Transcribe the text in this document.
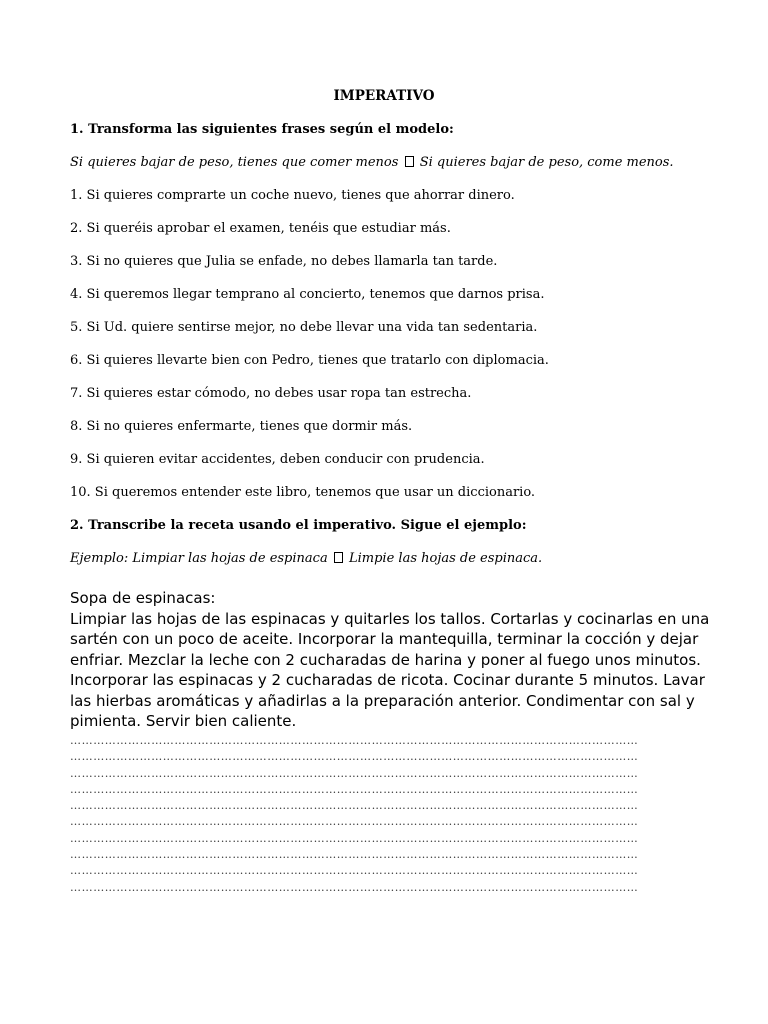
IMPERATIVO
1. Transforma las siguientes frases según el modelo:
Si quieres bajar de peso, tienes que comer menos Si quieres bajar de peso, come menos.
1. Si quieres comprarte un coche nuevo, tienes que ahorrar dinero.
2. Si queréis aprobar el examen, tenéis que estudiar más.
3. Si no quieres que Julia se enfade, no debes llamarla tan tarde.
4. Si queremos llegar temprano al concierto, tenemos que darnos prisa.
5. Si Ud. quiere sentirse mejor, no debe llevar una vida tan sedentaria.
6. Si quieres llevarte bien con Pedro, tienes que tratarlo con diplomacia.
7. Si quieres estar cómodo, no debes usar ropa tan estrecha.
8. Si no quieres enfermarte, tienes que dormir más.
9. Si quieren evitar accidentes, deben conducir con prudencia.
10. Si queremos entender este libro, tenemos que usar un diccionario.
2. Transcribe la receta usando el imperativo. Sigue el ejemplo:
Ejemplo: Limpiar las hojas de espinaca Limpie las hojas de espinaca.
Sopa de espinacas:
Limpiar las hojas de las espinacas y quitarles los tallos. Cortarlas y cocinarlas en una
sartén con un poco de aceite. Incorporar la mantequilla, terminar la cocción y dejar
enfriar. Mezclar la leche con 2 cucharadas de harina y poner al fuego unos minutos.
Incorporar las espinacas y 2 cucharadas de ricota. Cocinar durante 5 minutos. Lavar
las hierbas aromáticas y añadirlas a la preparación anterior. Condimentar con sal y
pimienta. Servir bien caliente.
…………………………………………………………………………………………………………………………………
…………………………………………………………………………………………………………………………………
…………………………………………………………………………………………………………………………………
…………………………………………………………………………………………………………………………………
…………………………………………………………………………………………………………………………………
…………………………………………………………………………………………………………………………………
…………………………………………………………………………………………………………………………………
…………………………………………………………………………………………………………………………………
…………………………………………………………………………………………………………………………………
…………………………………………………………………………………………………………………………………
